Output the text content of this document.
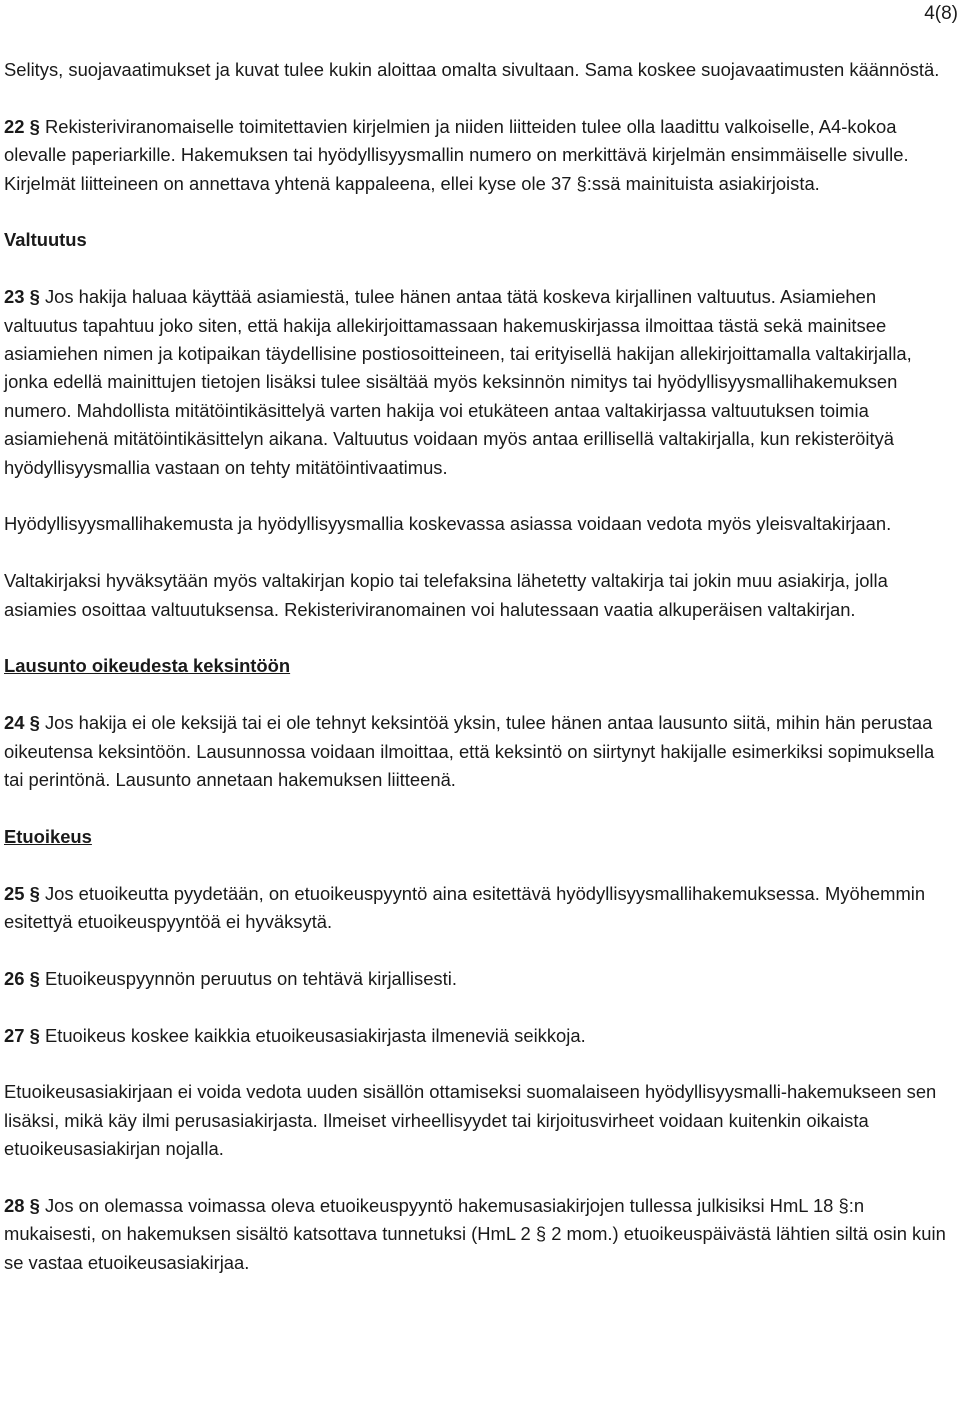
4(8)

Selitys, suojavaatimukset ja kuvat tulee kukin aloittaa omalta sivultaan. Sama koskee suojavaatimusten käännöstä.

22 § Rekisteriviranomaiselle toimitettavien kirjelmien ja niiden liitteiden tulee olla laadittu valkoiselle, A4-kokoa olevalle paperiarkille. Hakemuksen tai hyödyllisyysmallin numero on merkittävä kirjelmän ensimmäiselle sivulle. Kirjelmät liitteineen on annettava yhtenä kappaleena, ellei kyse ole 37 §:ssä mainituista asiakirjoista.

Valtuutus

23 § Jos hakija haluaa käyttää asiamiestä, tulee hänen antaa tätä koskeva kirjallinen valtuutus. Asiamiehen valtuutus tapahtuu joko siten, että hakija allekirjoittamassaan hakemuskirjassa ilmoittaa tästä sekä mainitsee asiamiehen nimen ja kotipaikan täydellisine postiosoitteineen, tai erityisellä hakijan allekirjoittamalla valtakirjalla, jonka edellä mainittujen tietojen lisäksi tulee sisältää myös keksinnön nimitys tai hyödyllisyysmallihakemuksen numero. Mahdollista mitätöintikäsittelyä varten hakija voi etukäteen antaa valtakirjassa valtuutuksen toimia asiamiehenä mitätöintikäsittelyn aikana. Valtuutus voidaan myös antaa erillisellä valtakirjalla, kun rekisteröityä hyödyllisyysmallia vastaan on tehty mitätöintivaatimus.

Hyödyllisyysmallihakemusta ja hyödyllisyysmallia koskevassa asiassa voidaan vedota myös yleisvaltakirjaan.

Valtakirjaksi hyväksytään myös valtakirjan kopio tai telefaksina lähetetty valtakirja tai jokin muu asiakirja, jolla asiamies osoittaa valtuutuksensa. Rekisteriviranomainen voi halutessaan vaatia alkuperäisen valtakirjan.

Lausunto oikeudesta keksintöön

24 § Jos hakija ei ole keksijä tai ei ole tehnyt keksintöä yksin, tulee hänen antaa lausunto siitä, mihin hän perustaa oikeutensa keksintöön. Lausunnossa voidaan ilmoittaa, että keksintö on siirtynyt hakijalle esimerkiksi sopimuksella tai perintönä. Lausunto annetaan hakemuksen liitteenä.

Etuoikeus

25 § Jos etuoikeutta pyydetään, on etuoikeuspyyntö aina esitettävä hyödyllisyysmallihakemuksessa. Myöhemmin esitettyä etuoikeuspyyntöä ei hyväksytä.

26 § Etuoikeuspyynnön peruutus on tehtävä kirjallisesti.

27 § Etuoikeus koskee kaikkia etuoikeusasiakirjasta ilmeneviä seikkoja.

Etuoikeusasiakirjaan ei voida vedota uuden sisällön ottamiseksi suomalaiseen hyödyllisyysmalli-hakemukseen sen lisäksi, mikä käy ilmi perusasiakirjasta. Ilmeiset virheellisyydet tai kirjoitusvirheet voidaan kuitenkin oikaista etuoikeusasiakirjan nojalla.

28 § Jos on olemassa voimassa oleva etuoikeuspyyntö hakemusasiakirjojen tullessa julkisiksi HmL 18 §:n mukaisesti, on hakemuksen sisältö katsottava tunnetuksi (HmL 2 § 2 mom.) etuoikeuspäivästä lähtien siltä osin kuin se vastaa etuoikeusasiakirjaa.
